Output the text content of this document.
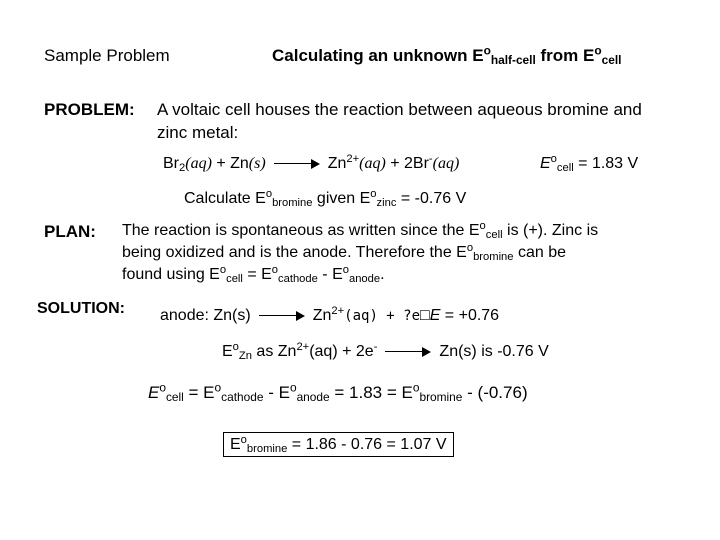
Sample Problem	Calculating an unknown $E^o_{half-cell}$ from $E^o_{cell}$
PROBLEM: A voltaic cell houses the reaction between aqueous bromine and
zinc metal:
$Br_2(aq) + Zn(s)$	$Zn^{2+}(aq) + 2Br^-(aq)$	$E^o_{cell} = 1.83$ V
Calculate $E^o_{bromine}$ given $E^o_{zinc} = -0.76$ V
PLAN: The reaction is spontaneous as written since the $E^o_{cell}$ is (+). Zinc is
being oxidized and is the anode. Therefore the $E^o_{bromine}$ can be
found using $E^o_{cell} = E^o_{cathode} - E^o_{anode}$.
SOLUTION: anode: Zn(s)	$Zn^{2+}(aq)$ + ?e□E = +0.76
$E^o_{Zn}$ as $Zn^{2+}(aq) + 2e^-$	Zn(s) is -0.76 V
$E^o_{cell} = E^o_{cathode} - E^o_{anode} = 1.83 = E^o_{bromine} - (-0.76)$
$E^o_{bromine} = 1.86 - 0.76 = 1.07$ V
